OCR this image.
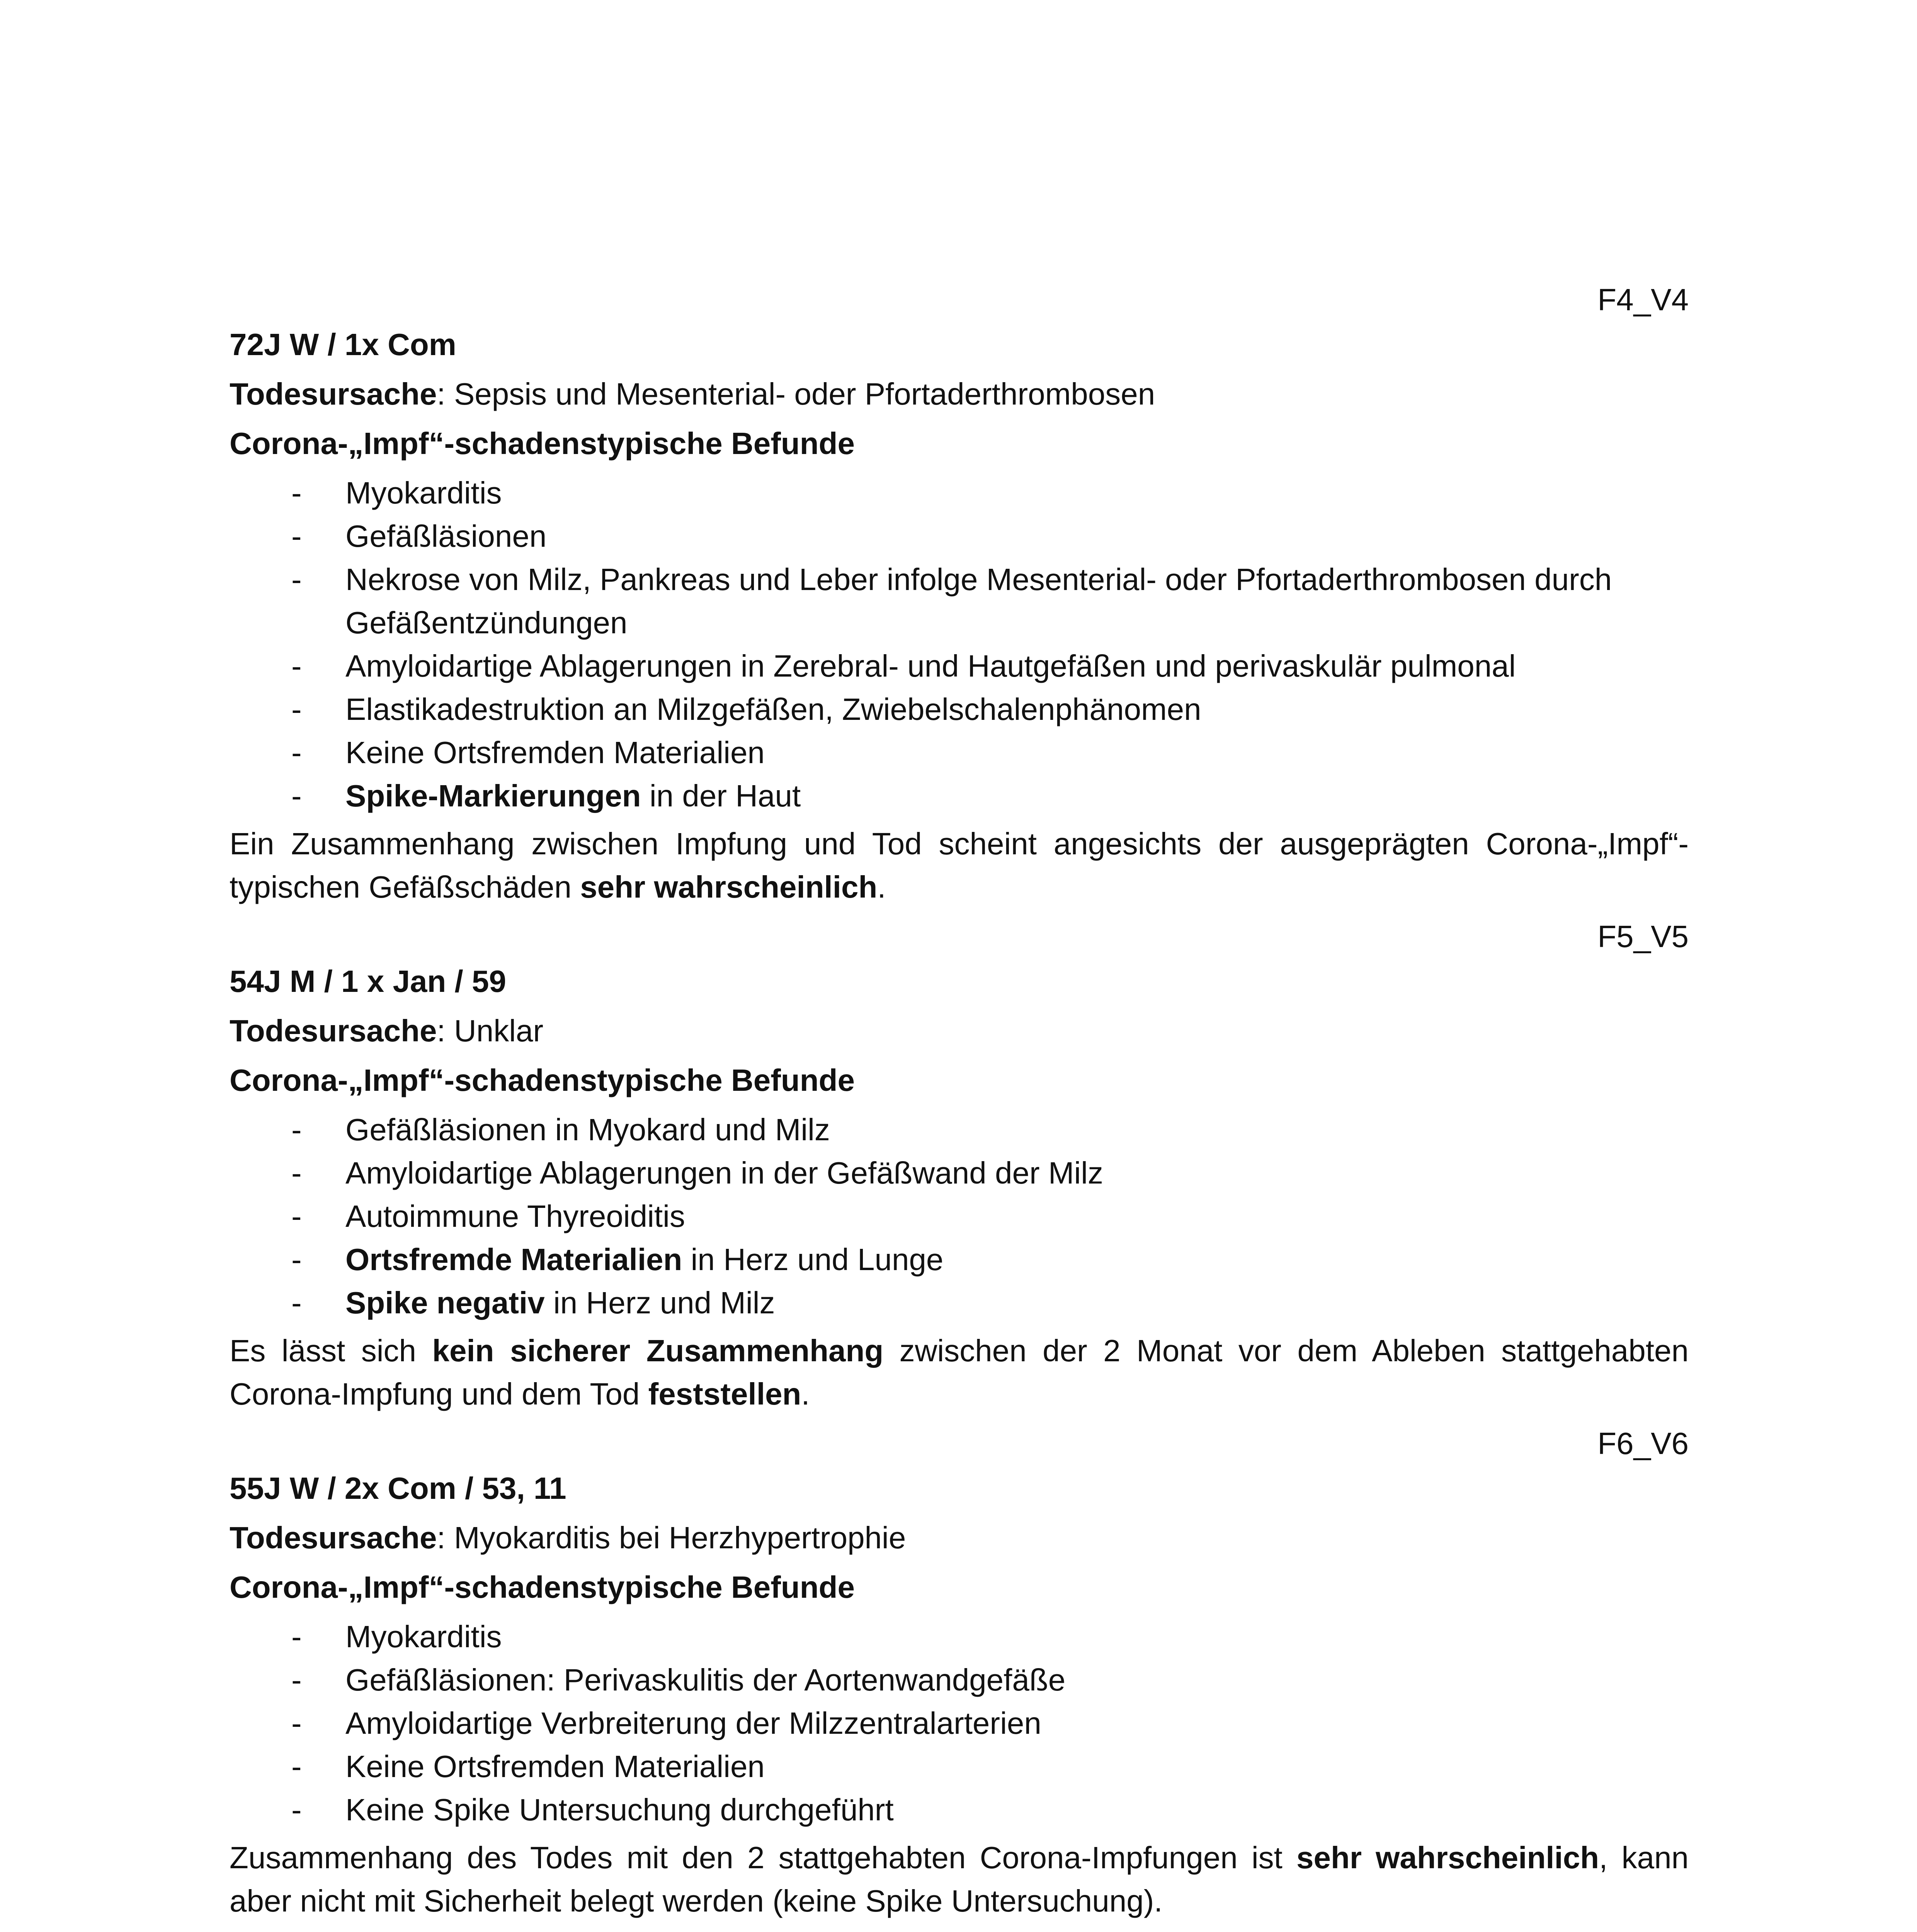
F4_V4
72J W / 1x Com
Todesursache: Sepsis und Mesenterial- oder Pfortaderthrombosen
Corona-„Impf“-schadenstypische Befunde
- Myokarditis
- Gefäßläsionen
- Nekrose von Milz, Pankreas und Leber infolge Mesenterial- oder Pfortaderthrombosen durch Gefäßentzündungen
- Amyloidartige Ablagerungen in Zerebral- und Hautgefäßen und perivaskulär pulmonal
- Elastikadestruktion an Milzgefäßen, Zwiebelschalenphänomen
- Keine Ortsfremden Materialien
- Spike-Markierungen in der Haut
Ein Zusammenhang zwischen Impfung und Tod scheint angesichts der ausgeprägten Corona-„Impf“-typischen Gefäßschäden sehr wahrscheinlich.
F5_V5
54J M / 1 x Jan / 59
Todesursache: Unklar
Corona-„Impf“-schadenstypische Befunde
- Gefäßläsionen in Myokard und Milz
- Amyloidartige Ablagerungen in der Gefäßwand der Milz
- Autoimmune Thyreoiditis
- Ortsfremde Materialien in Herz und Lunge
- Spike negativ in Herz und Milz
Es lässt sich kein sicherer Zusammenhang zwischen der 2 Monat vor dem Ableben stattgehabten Corona-Impfung und dem Tod feststellen.
F6_V6
55J W / 2x Com / 53, 11
Todesursache: Myokarditis bei Herzhypertrophie
Corona-„Impf“-schadenstypische Befunde
- Myokarditis
- Gefäßläsionen: Perivaskulitis der Aortenwandgefäße
- Amyloidartige Verbreiterung der Milzzentralarterien
- Keine Ortsfremden Materialien
- Keine Spike Untersuchung durchgeführt
Zusammenhang des Todes mit den 2 stattgehabten Corona-Impfungen ist sehr wahrscheinlich, kann aber nicht mit Sicherheit belegt werden (keine Spike Untersuchung).
